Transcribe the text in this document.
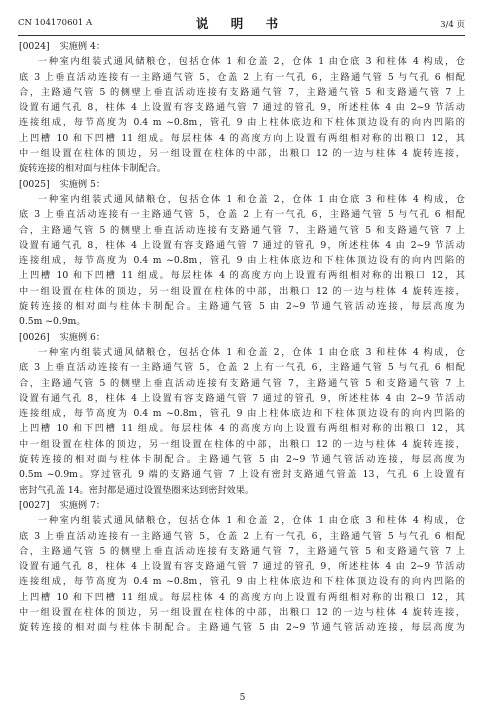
CN 104170601 A	说 明 书	3/4 页
[0024] 实施例 4：
一种室内组装式通风储粮仓，包括仓体 1 和仓盖 2，仓体 1 由仓底 3 和柱体 4 构成，仓
底 3 上垂直活动连接有一主路通气管 5，仓盖 2 上有一气孔 6，主路通气管 5 与气孔 6 相配
合，主路通气管 5 的侧壁上垂直活动连接有支路通气管 7，主路通气管 5 和支路通气管 7 上
设置有通气孔 8，柱体 4 上设置有容支路通气管 7 通过的管孔 9，所述柱体 4 由 2~9 节活动
连接组成，每节高度为 0.4 m ~0.8m，管孔 9 由上柱体底边和下柱体顶边设有的向内凹陷的
上凹槽 10 和下凹槽 11 组成。每层柱体 4 的高度方向上设置有两组相对称的出粮口 12，其
中一组设置在柱体的顶边，另一组设置在柱体的中部，出粮口 12 的一边与柱体 4 旋转连接，
旋转连接的相对面与柱体卡制配合。
[0025] 实施例 5：
一种室内组装式通风储粮仓，包括仓体 1 和仓盖 2，仓体 1 由仓底 3 和柱体 4 构成，仓
底 3 上垂直活动连接有一主路通气管 5，仓盖 2 上有一气孔 6，主路通气管 5 与气孔 6 相配
合，主路通气管 5 的侧壁上垂直活动连接有支路通气管 7，主路通气管 5 和支路通气管 7 上
设置有通气孔 8，柱体 4 上设置有容支路通气管 7 通过的管孔 9，所述柱体 4 由 2~9 节活动
连接组成，每节高度为 0.4 m ~0.8m，管孔 9 由上柱体底边和下柱体顶边设有的向内凹陷的
上凹槽 10 和下凹槽 11 组成。每层柱体 4 的高度方向上设置有两组相对称的出粮口 12，其
中一组设置在柱体的顶边，另一组设置在柱体的中部，出粮口 12 的一边与柱体 4 旋转连接，
旋转连接的相对面与柱体卡制配合。主路通气管 5 由 2~9 节通气管活动连接，每层高度为
0.5m ~0.9m。
[0026] 实施例 6：
一种室内组装式通风储粮仓，包括仓体 1 和仓盖 2，仓体 1 由仓底 3 和柱体 4 构成，仓
底 3 上垂直活动连接有一主路通气管 5，仓盖 2 上有一气孔 6，主路通气管 5 与气孔 6 相配
合，主路通气管 5 的侧壁上垂直活动连接有支路通气管 7，主路通气管 5 和支路通气管 7 上
设置有通气孔 8，柱体 4 上设置有容支路通气管 7 通过的管孔 9，所述柱体 4 由 2~9 节活动
连接组成，每节高度为 0.4 m ~0.8m，管孔 9 由上柱体底边和下柱体顶边设有的向内凹陷的
上凹槽 10 和下凹槽 11 组成。每层柱体 4 的高度方向上设置有两组相对称的出粮口 12，其
中一组设置在柱体的顶边，另一组设置在柱体的中部，出粮口 12 的一边与柱体 4 旋转连接，
旋转连接的相对面与柱体卡制配合。主路通气管 5 由 2~9 节通气管活动连接，每层高度为
0.5m ~0.9m。穿过管孔 9 端的支路通气管 7 上设有密封支路通气管盖 13，气孔 6 上设置有
密封气孔盖 14。密封都是通过设置垫圈来达到密封效果。
[0027] 实施例 7：
一种室内组装式通风储粮仓，包括仓体 1 和仓盖 2，仓体 1 由仓底 3 和柱体 4 构成，仓
底 3 上垂直活动连接有一主路通气管 5，仓盖 2 上有一气孔 6，主路通气管 5 与气孔 6 相配
合，主路通气管 5 的侧壁上垂直活动连接有支路通气管 7，主路通气管 5 和支路通气管 7 上
设置有通气孔 8，柱体 4 上设置有容支路通气管 7 通过的管孔 9，所述柱体 4 由 2~9 节活动
连接组成，每节高度为 0.4 m ~0.8m，管孔 9 由上柱体底边和下柱体顶边设有的向内凹陷的
上凹槽 10 和下凹槽 11 组成。每层柱体 4 的高度方向上设置有两组相对称的出粮口 12，其
中一组设置在柱体的顶边，另一组设置在柱体的中部，出粮口 12 的一边与柱体 4 旋转连接，
旋转连接的相对面与柱体卡制配合。主路通气管 5 由 2~9 节通气管活动连接，每层高度为
5
